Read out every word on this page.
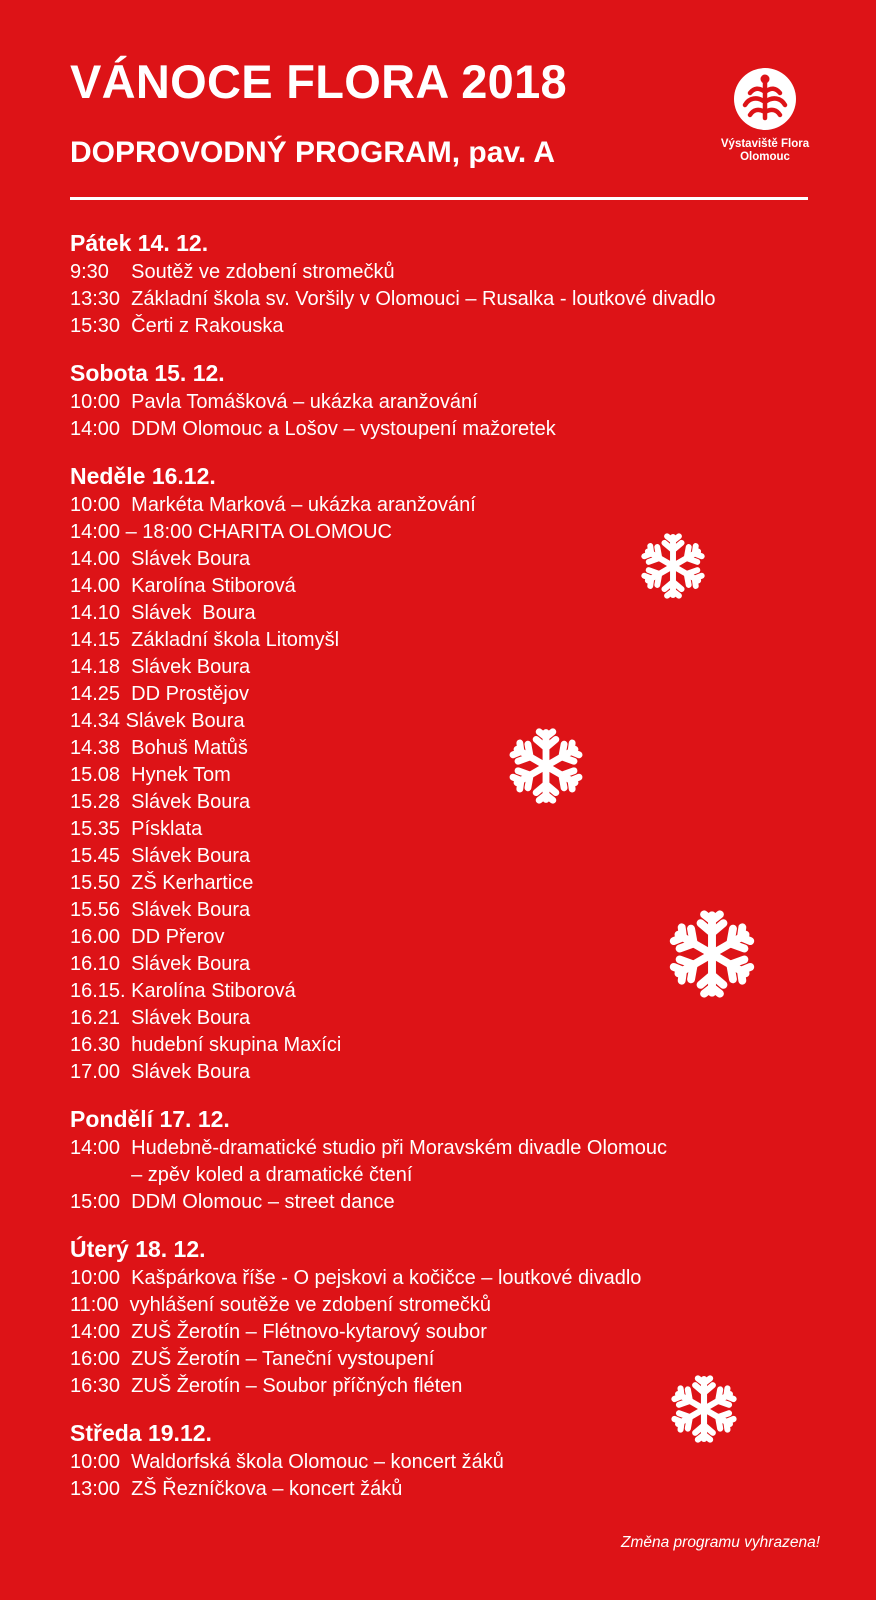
VÁNOCE FLORA 2018
DOPROVODNÝ PROGRAM, pav. A	Výstaviště Flora
Olomouc
Pátek 14. 12.
9:30    Soutěž ve zdobení stromečků
13:30  Základní škola sv. Voršily v Olomouci – Rusalka - loutkové divadlo
15:30  Čerti z Rakouska
Sobota 15. 12.
10:00  Pavla Tomášková – ukázka aranžování
14:00  DDM Olomouc a Lošov – vystoupení mažoretek
Neděle 16.12.
10:00  Markéta Marková – ukázka aranžování
14:00 – 18:00 CHARITA OLOMOUC
14.00  Slávek Boura
14.00  Karolína Stiborová
14.10  Slávek  Boura
14.15  Základní škola Litomyšl
14.18  Slávek Boura
14.25  DD Prostějov
14.34 Slávek Boura
14.38  Bohuš Matůš
15.08  Hynek Tom
15.28  Slávek Boura
15.35  Písklata
15.45  Slávek Boura
15.50  ZŠ Kerhartice
15.56  Slávek Boura
16.00  DD Přerov
16.10  Slávek Boura
16.15. Karolína Stiborová
16.21  Slávek Boura
16.30  hudební skupina Maxíci
17.00  Slávek Boura
Pondělí 17. 12.
14:00  Hudebně-dramatické studio při Moravském divadle Olomouc
– zpěv koled a dramatické čtení
15:00  DDM Olomouc – street dance
Úterý 18. 12.
10:00  Kašpárkova říše - O pejskovi a kočičce – loutkové divadlo
11:00  vyhlášení soutěže ve zdobení stromečků
14:00  ZUŠ Žerotín – Flétnovo-kytarový soubor
16:00  ZUŠ Žerotín – Taneční vystoupení
16:30  ZUŠ Žerotín – Soubor příčných fléten
Středa 19.12.
10:00  Waldorfská škola Olomouc – koncert žáků
13:00  ZŠ Řezníčkova – koncert žáků
Změna programu vyhrazena!
